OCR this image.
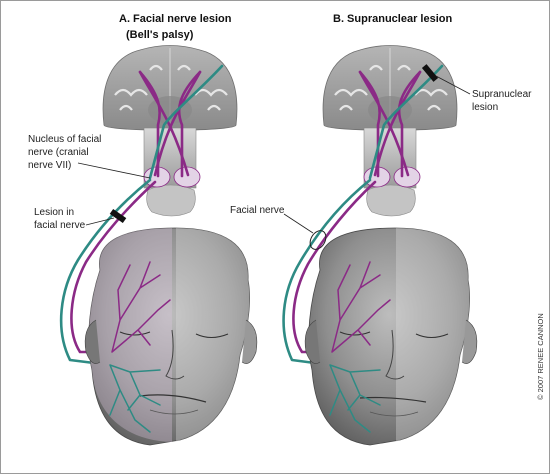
A. Facial nerve lesion
(Bell's palsy)
Nucleus of facial
nerve (cranial
nerve VII)
Lesion in
facial nerve
B. Supranuclear lesion
Facial nerve
Supranuclear
lesion
© 2007 RENEE CANNON
